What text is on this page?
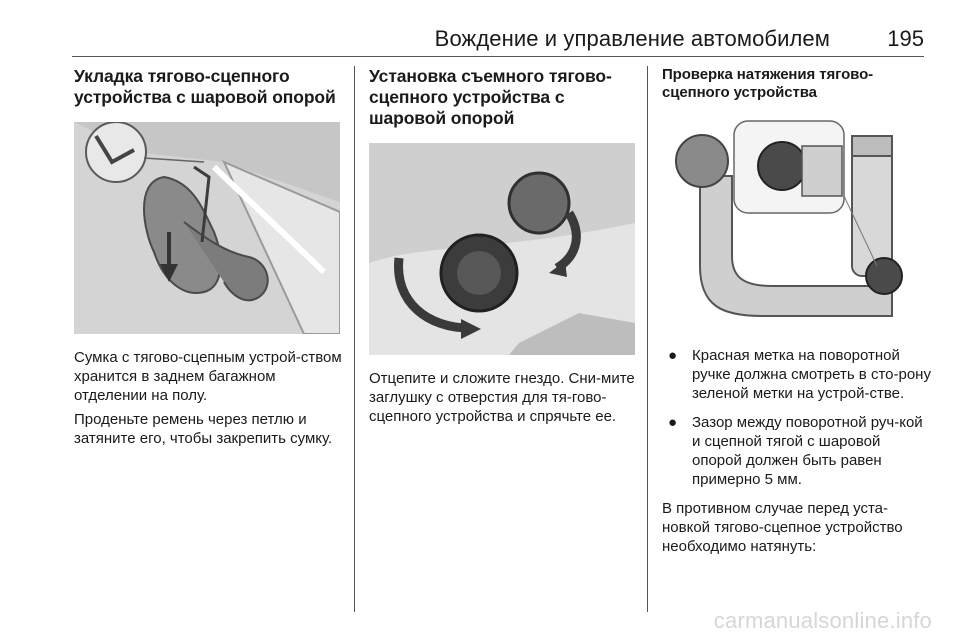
Вождение и управление автомобилем	195
Укладка тягово-сцепного устройства с шаровой опорой

Сумка с тягово-сцепным устрой-ством хранится в заднем багажном отделении на полу.

Проденьте ремень через петлю и затяните его, чтобы закрепить сумку.

Установка съемного тягово-сцепного устройства с шаровой опорой

Отцепите и сложите гнездо. Сни-мите заглушку с отверстия для тя-гово-сцепного устройства и спрячьте ее.

Проверка натяжения тягово-сцепного устройства
● Красная метка на поворотной ручке должна смотреть в сто-рону зеленой метки на устрой-стве.
● Зазор между поворотной руч-кой и сцепной тягой с шаровой опорой должен быть равен примерно 5 мм.

В противном случае перед уста-новкой тягово-сцепное устройство необходимо натянуть:

carmanualsonline.info
